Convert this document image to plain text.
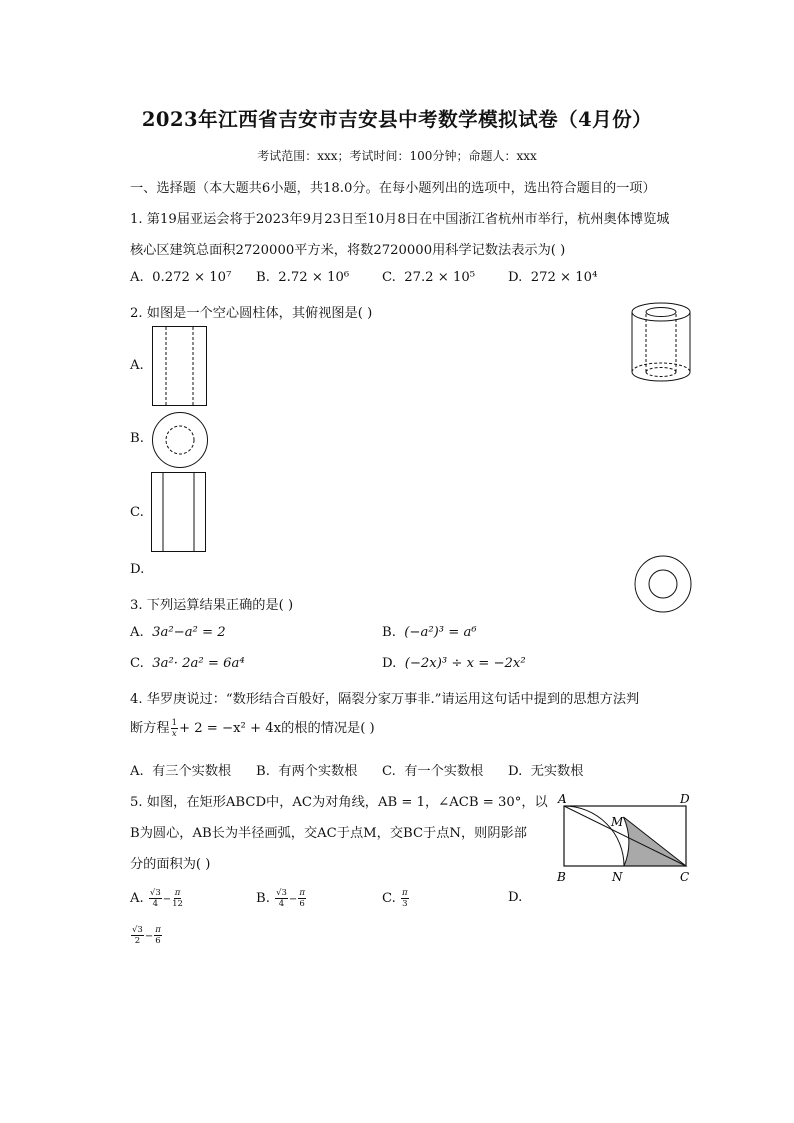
2023年江西省吉安市吉安县中考数学模拟试卷（4月份）
考试范围：xxx；考试时间：100分钟；命题人：xxx
一、选择题（本大题共6小题，共18.0分。在每小题列出的选项中，选出符合题目的一项）
1. 第19届亚运会将于2023年9月23日至10月8日在中国浙江省杭州市举行，杭州奥体博览城
核心区建筑总面积2720000平方米，将数2720000用科学记数法表示为( )
A. 0.272 × 10⁷ B. 2.72 × 10⁶ C. 27.2 × 10⁵ D. 272 × 10⁴
2. 如图是一个空心圆柱体，其俯视图是( )
A.
B.
C.
D.
3. 下列运算结果正确的是( )
A. 3a²−a² = 2	B. (−a²)³ = a⁶
C. 3a²· 2a² = 6a⁴	D. (−2x)³ ÷ x = −2x²
4. 华罗庚说过：“数形结合百般好，隔裂分家万事非.”请运用这句话中提到的思想方法判
断方程 $\frac{1}{x} + 2 = -x^2 + 4x$的根的情况是( )
A. 有三个实数根 B. 有两个实数根 C. 有一个实数根 D. 无实数根
5. 如图，在矩形ABCD中，AC为对角线，AB = 1，∠ACB = 30°，以
B为圆心，AB长为半径画弧，交AC于点M，交BC于点N，则阴影部
分的面积为( )
A	D
M
B	N	C
A. $\frac{√3}{4} - \frac{\pi}{12}$	B. $\frac{√3}{4} - \frac{\pi}{6}$	C. $\frac{\pi}{3}$	D.
$\frac{√3}{2} - \frac{\pi}{6}$
